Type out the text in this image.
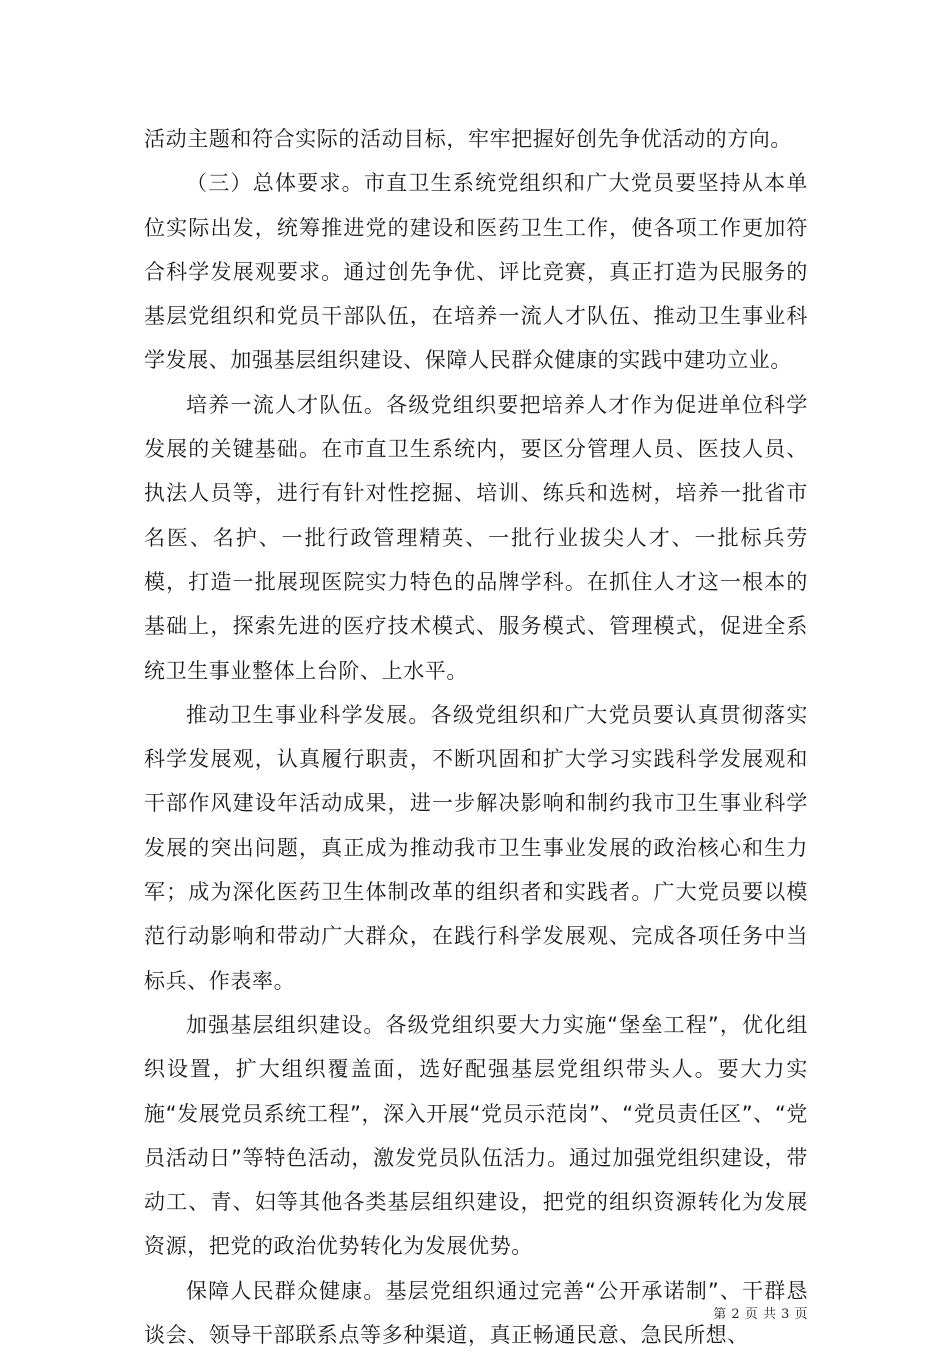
活动主题和符合实际的活动目标，牢牢把握好创先争优活动的方向。

（三）总体要求。市直卫生系统党组织和广大党员要坚持从本单位实际出发，统筹推进党的建设和医药卫生工作，使各项工作更加符合科学发展观要求。通过创先争优、评比竞赛，真正打造为民服务的基层党组织和党员干部队伍，在培养一流人才队伍、推动卫生事业科学发展、加强基层组织建设、保障人民群众健康的实践中建功立业。

培养一流人才队伍。各级党组织要把培养人才作为促进单位科学发展的关键基础。在市直卫生系统内，要区分管理人员、医技人员、执法人员等，进行有针对性挖掘、培训、练兵和选树，培养一批省市名医、名护、一批行政管理精英、一批行业拔尖人才、一批标兵劳模，打造一批展现医院实力特色的品牌学科。在抓住人才这一根本的基础上，探索先进的医疗技术模式、服务模式、管理模式，促进全系统卫生事业整体上台阶、上水平。

推动卫生事业科学发展。各级党组织和广大党员要认真贯彻落实科学发展观，认真履行职责，不断巩固和扩大学习实践科学发展观和干部作风建设年活动成果，进一步解决影响和制约我市卫生事业科学发展的突出问题，真正成为推动我市卫生事业发展的政治核心和生力军；成为深化医药卫生体制改革的组织者和实践者。广大党员要以模范行动影响和带动广大群众，在践行科学发展观、完成各项任务中当标兵、作表率。

加强基层组织建设。各级党组织要大力实施“堡垒工程”，优化组织设置，扩大组织覆盖面，选好配强基层党组织带头人。要大力实施“发展党员系统工程”，深入开展“党员示范岗”、“党员责任区”、“党员活动日”等特色活动，激发党员队伍活力。通过加强党组织建设，带动工、青、妇等其他各类基层组织建设，把党的组织资源转化为发展资源，把党的政治优势转化为发展优势。

保障人民群众健康。基层党组织通过完善“公开承诺制”、干群恳谈会、领导干部联系点等多种渠道，真正畅通民意、急民所想、

第 2 页 共 3 页
